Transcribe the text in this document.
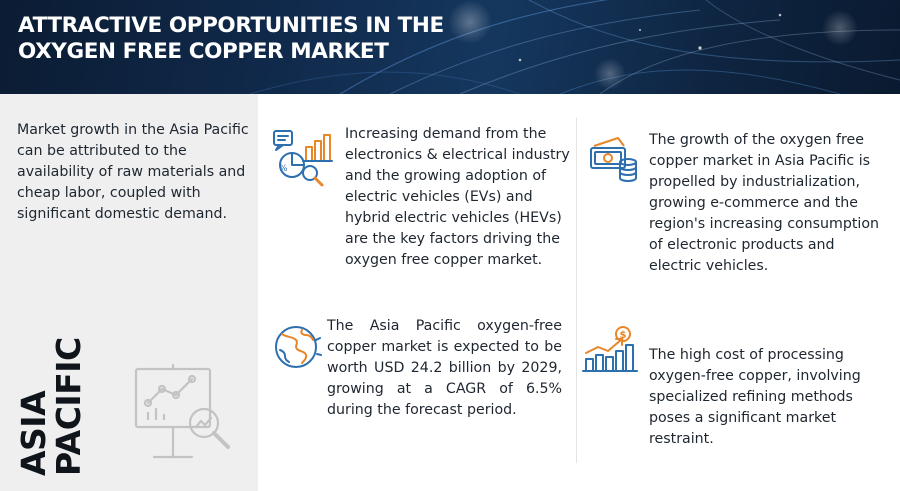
ATTRACTIVE OPPORTUNITIES IN THE
OXYGEN FREE COPPER MARKET

Market growth in the Asia Pacific can be attributed to the availability of raw materials and cheap labor, coupled with significant domestic demand.

ASIA
PACIFIC
%

Increasing demand from the electronics & electrical industry and the growing adoption of electric vehicles (EVs) and hybrid electric vehicles (HEVs) are the key factors driving the oxygen free copper market.

The growth of the oxygen free copper market in Asia Pacific is propelled by industrialization, growing e-commerce and the region's increasing consumption of electronic products and electric vehicles.

The Asia Pacific oxygen-free copper market is expected to be worth USD 24.2 billion by 2029, growing at a CAGR of 6.5% during the forecast period.

$

The high cost of processing oxygen-free copper, involving specialized refining methods poses a significant market restraint.
